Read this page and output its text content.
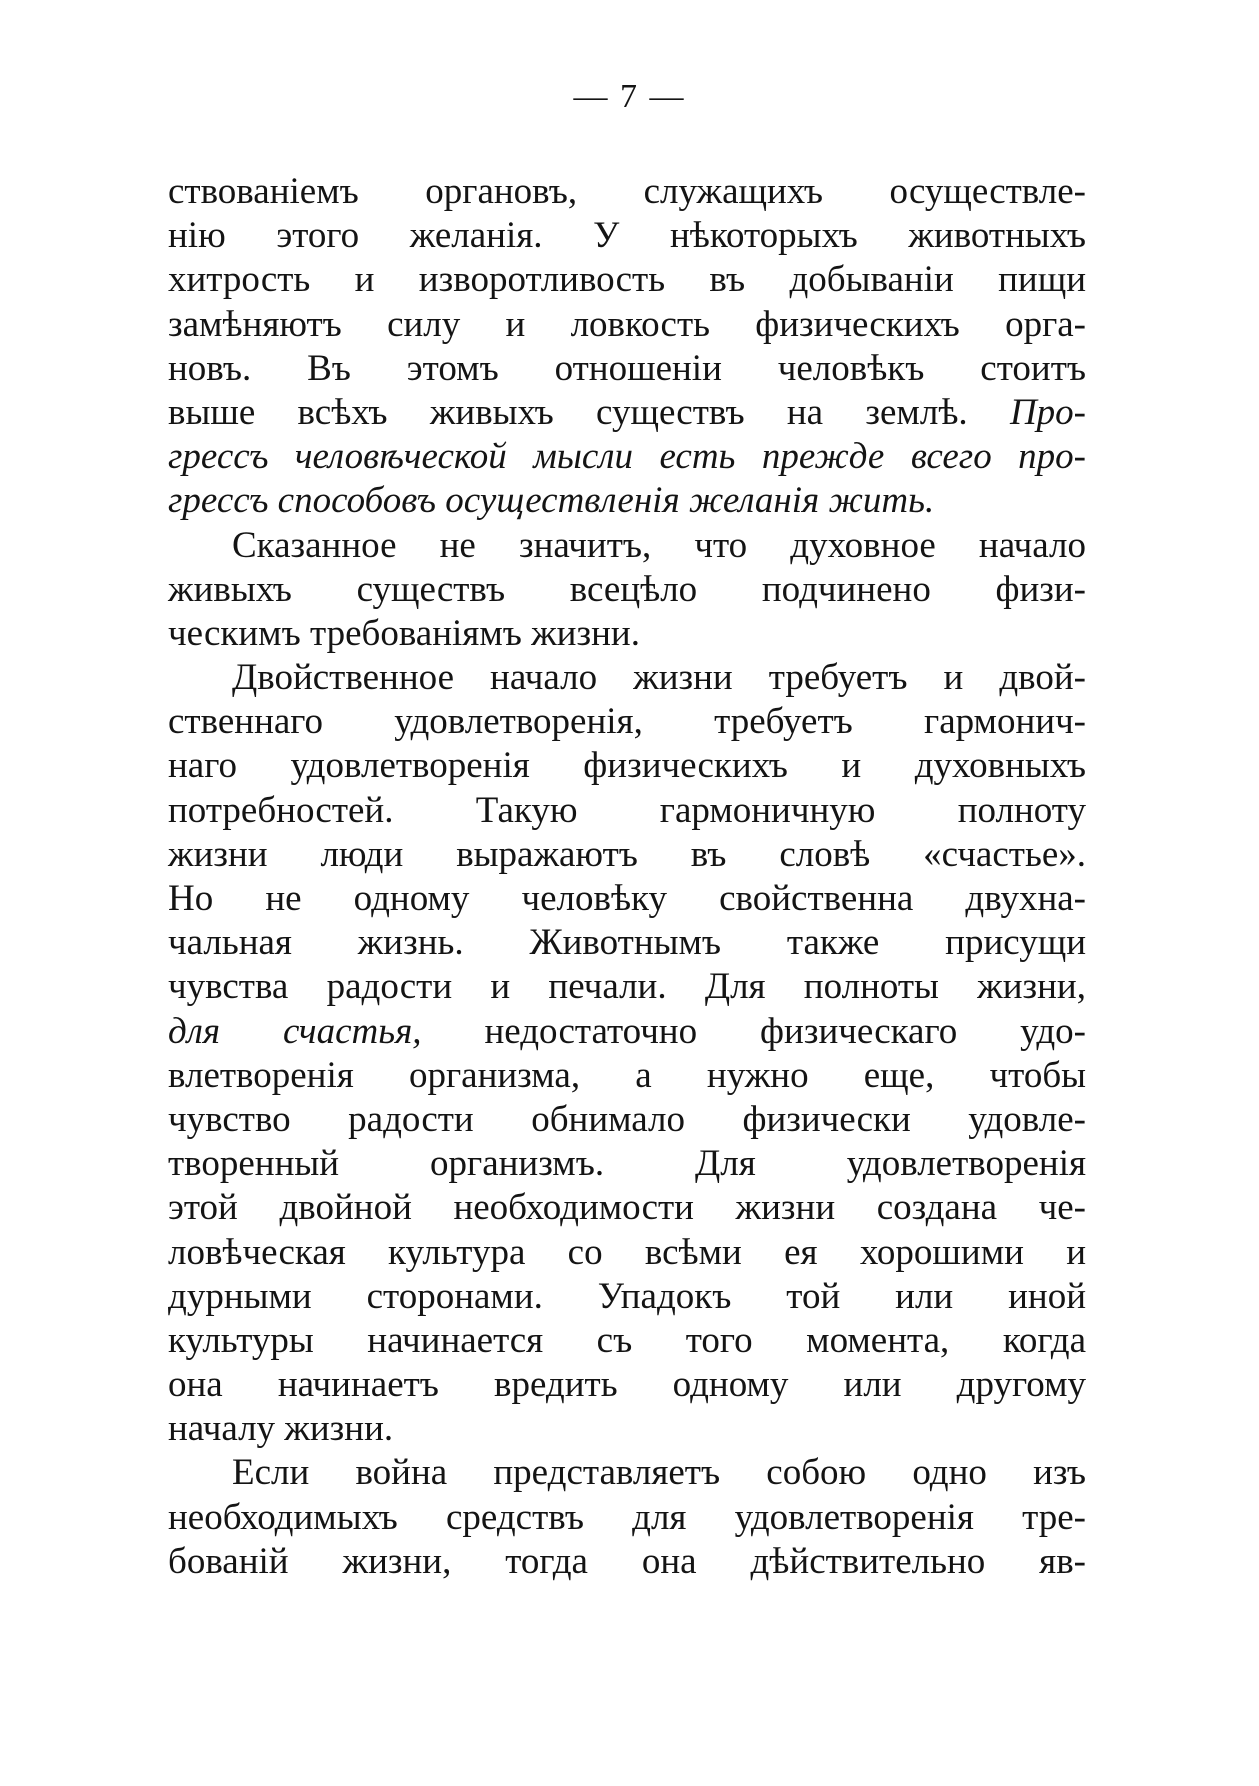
— 7 —
ствованіемъ органовъ, служащихъ осуществле-
нію этого желанія. У нѣкоторыхъ животныхъ
хитрость и изворотливость въ добываніи пищи
замѣняютъ силу и ловкость физическихъ орга-
новъ. Въ этомъ отношеніи человѣкъ стоитъ
выше всѣхъ живыхъ существъ на землѣ. Про-
грессъ человѣческой мысли есть прежде всего про-
грессъ способовъ осуществленія желанія жить.
Сказанное не значитъ, что духовное начало
живыхъ существъ всецѣло подчинено физи-
ческимъ требованіямъ жизни.
Двойственное начало жизни требуетъ и двой-
ственнаго удовлетворенія, требуетъ гармонич-
наго удовлетворенія физическихъ и духовныхъ
потребностей. Такую гармоничную полноту
жизни люди выражаютъ въ словѣ «счастье».
Но не одному человѣку свойственна двухна-
чальная жизнь. Животнымъ также присущи
чувства радости и печали. Для полноты жизни,
для счастья, недостаточно физическаго удо-
влетворенія организма, а нужно еще, чтобы
чувство радости обнимало физически удовле-
творенный организмъ. Для удовлетворенія
этой двойной необходимости жизни создана че-
ловѣческая культура со всѣми ея хорошими и
дурными сторонами. Упадокъ той или иной
культуры начинается съ того момента, когда
она начинаетъ вредить одному или другому
началу жизни.
Если война представляетъ собою одно изъ
необходимыхъ средствъ для удовлетворенія тре-
бованій жизни, тогда она дѣйствительно яв-
